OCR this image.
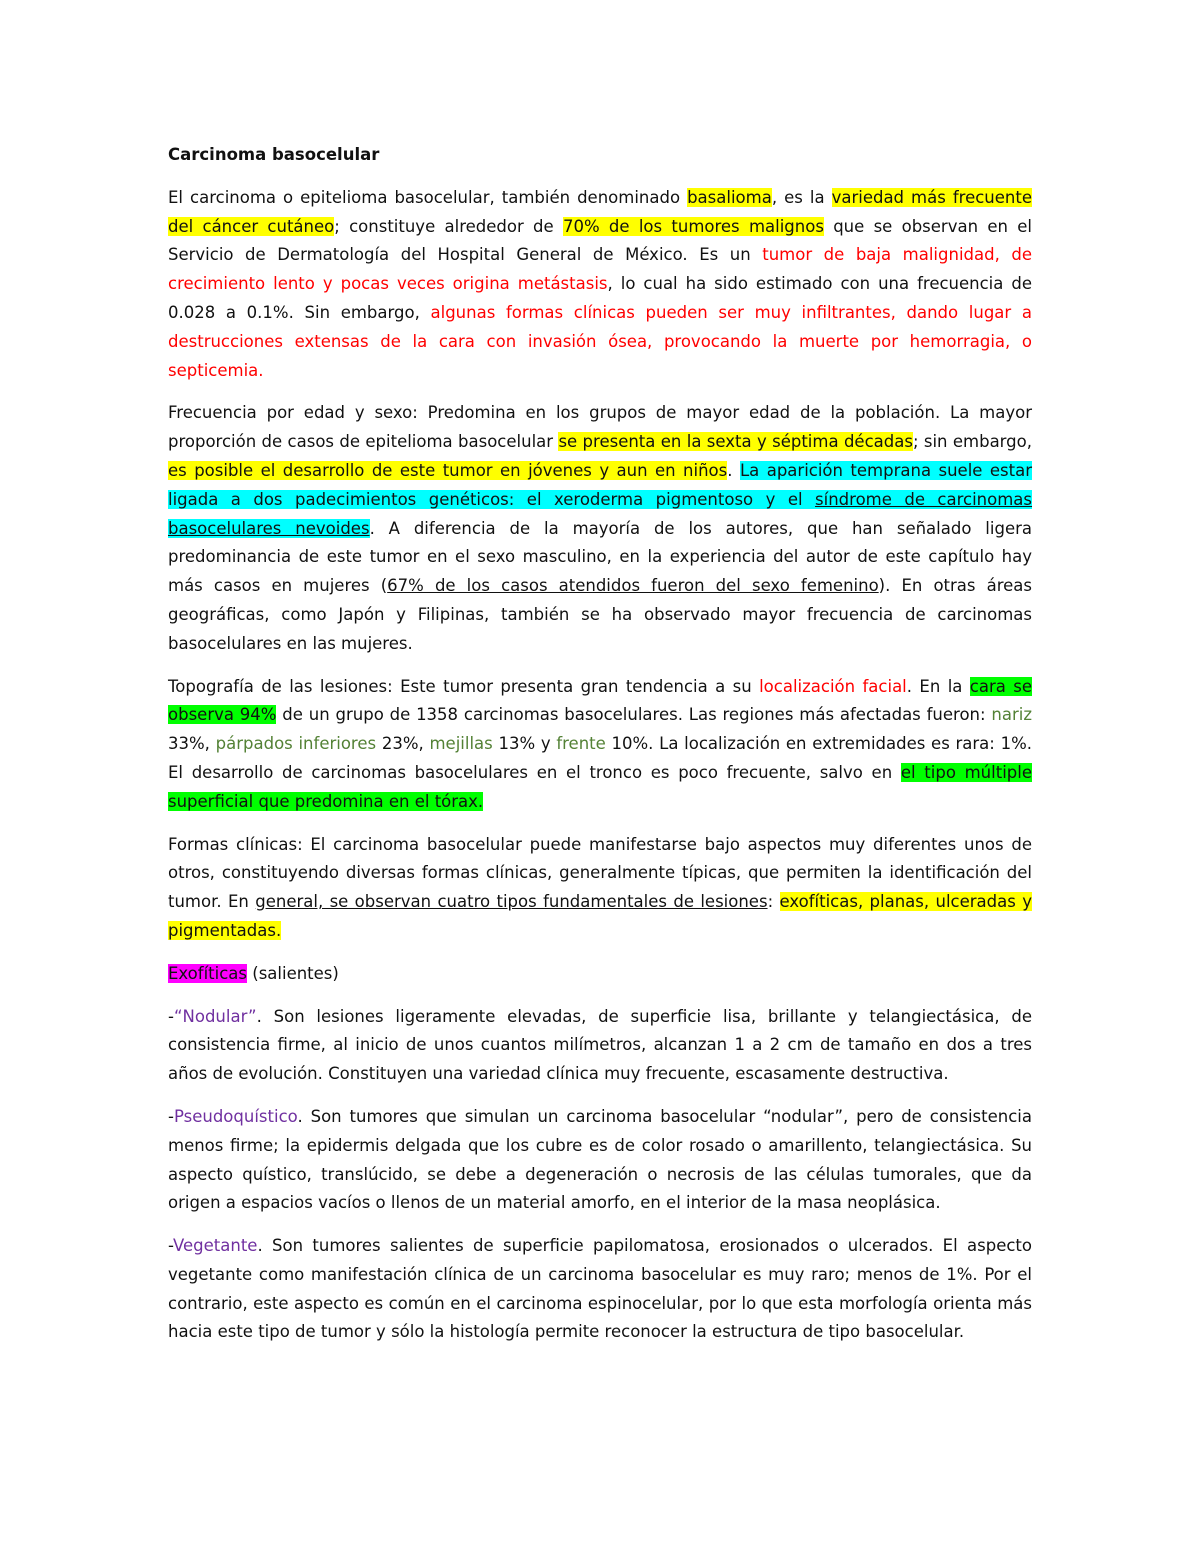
Carcinoma basocelular

El carcinoma o epitelioma basocelular, también denominado basalioma, es la variedad más frecuente del cáncer cutáneo; constituye alrededor de 70% de los tumores malignos que se observan en el Servicio de Dermatología del Hospital General de México. Es un tumor de baja malignidad, de crecimiento lento y pocas veces origina metástasis, lo cual ha sido estimado con una frecuencia de 0.028 a 0.1%. Sin embargo, algunas formas clínicas pueden ser muy infiltrantes, dando lugar a destrucciones extensas de la cara con invasión ósea, provocando la muerte por hemorragia, o septicemia.

Frecuencia por edad y sexo: Predomina en los grupos de mayor edad de la población. La mayor proporción de casos de epitelioma basocelular se presenta en la sexta y séptima décadas; sin embargo, es posible el desarrollo de este tumor en jóvenes y aun en niños. La aparición temprana suele estar ligada a dos padecimientos genéticos: el xeroderma pigmentoso y el síndrome de carcinomas basocelulares nevoides. A diferencia de la mayoría de los autores, que han señalado ligera predominancia de este tumor en el sexo masculino, en la experiencia del autor de este capítulo hay más casos en mujeres (67% de los casos atendidos fueron del sexo femenino). En otras áreas geográficas, como Japón y Filipinas, también se ha observado mayor frecuencia de carcinomas basocelulares en las mujeres.

Topografía de las lesiones: Este tumor presenta gran tendencia a su localización facial. En la cara se observa 94% de un grupo de 1358 carcinomas basocelulares. Las regiones más afectadas fueron: nariz 33%, párpados inferiores 23%, mejillas 13% y frente 10%. La localización en extremidades es rara: 1%. El desarrollo de carcinomas basocelulares en el tronco es poco frecuente, salvo en el tipo múltiple superficial que predomina en el tórax.

Formas clínicas: El carcinoma basocelular puede manifestarse bajo aspectos muy diferentes unos de otros, constituyendo diversas formas clínicas, generalmente típicas, que permiten la identificación del tumor. En general, se observan cuatro tipos fundamentales de lesiones: exofíticas, planas, ulceradas y pigmentadas.

Exofíticas (salientes)

-“Nodular”. Son lesiones ligeramente elevadas, de superficie lisa, brillante y telangiectásica, de consistencia firme, al inicio de unos cuantos milímetros, alcanzan 1 a 2 cm de tamaño en dos a tres años de evolución. Constituyen una variedad clínica muy frecuente, escasamente destructiva.

-Pseudoquístico. Son tumores que simulan un carcinoma basocelular “nodular”, pero de consistencia menos firme; la epidermis delgada que los cubre es de color rosado o amarillento, telangiectásica. Su aspecto quístico, translúcido, se debe a degeneración o necrosis de las células tumorales, que da origen a espacios vacíos o llenos de un material amorfo, en el interior de la masa neoplásica.

-Vegetante. Son tumores salientes de superficie papilomatosa, erosionados o ulcerados. El aspecto vegetante como manifestación clínica de un carcinoma basocelular es muy raro; menos de 1%. Por el contrario, este aspecto es común en el carcinoma espinocelular, por lo que esta morfología orienta más hacia este tipo de tumor y sólo la histología permite reconocer la estructura de tipo basocelular.
